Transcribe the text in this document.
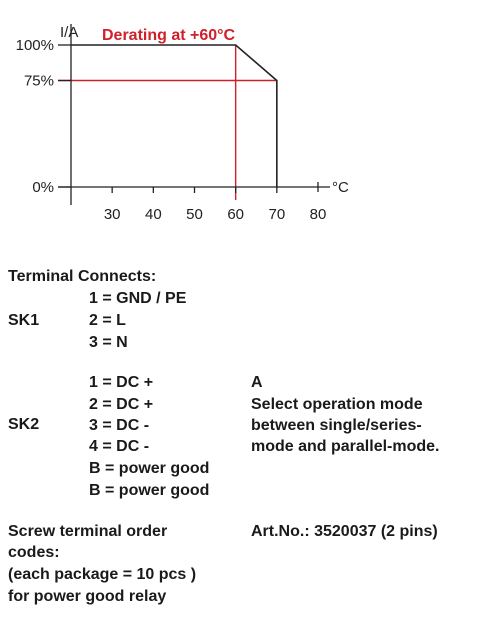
100%
75%
0%
30 40 50 60 70 80
I/A
°C
Derating at +60°C
Terminal Connects:
SK1
1 = GND / PE
2 = L
3 = N
SK2
1 = DC +
2 = DC +
3 = DC -
4 = DC -
B = power good
B = power good
A
Select operation mode
between single/series-
mode and parallel-mode.
Screw terminal order
codes:
(each package = 10 pcs )
for power good relay
Art.No.: 3520037 (2 pins)
